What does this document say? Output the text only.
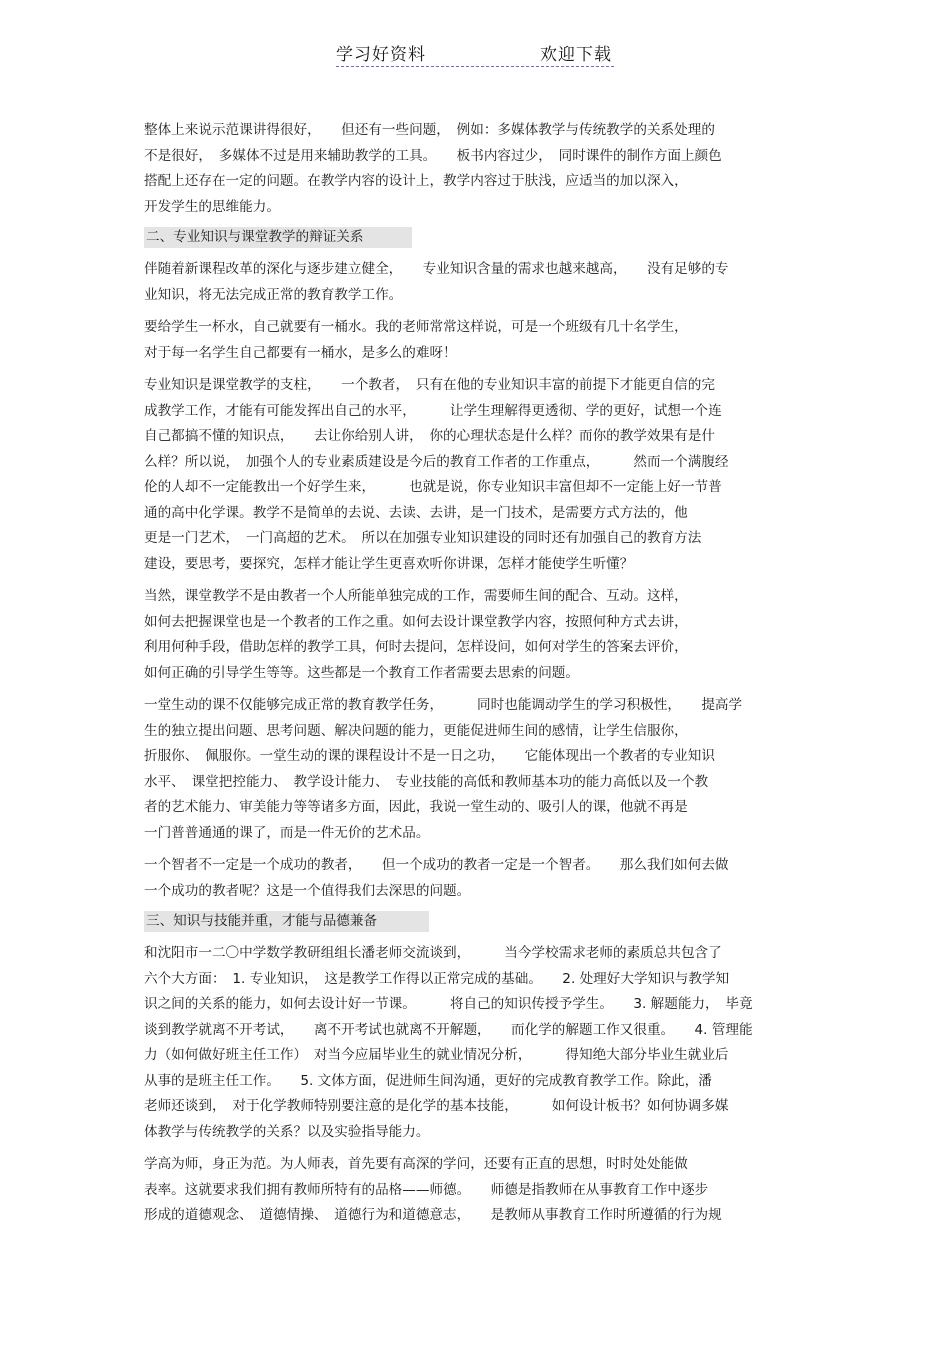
学习好资料	欢迎下载
整体上来说示范课讲得很好，　　但还有一些问题，　例如：多媒体教学与传统教学的关系处理的
不是很好，　多媒体不过是用来辅助教学的工具。　　板书内容过少，　同时课件的制作方面上颜色
搭配上还存在一定的问题。在教学内容的设计上，教学内容过于肤浅，应适当的加以深入，
开发学生的思维能力。
二、专业知识与课堂教学的辩证关系
伴随着新课程改革的深化与逐步建立健全，　　专业知识含量的需求也越来越高，　　没有足够的专
业知识，将无法完成正常的教育教学工作。
要给学生一杯水，自己就要有一桶水。我的老师常常这样说，可是一个班级有几十名学生，
对于每一名学生自己都要有一桶水，是多么的难呀！
专业知识是课堂教学的支柱，　　一个教者，　只有在他的专业知识丰富的前提下才能更自信的完
成教学工作，才能有可能发挥出自己的水平，　　　让学生理解得更透彻、学的更好，试想一个连
自己都搞不懂的知识点，　　去让你给别人讲，　你的心理状态是什么样？而你的教学效果有是什
么样？所以说，　加强个人的专业素质建设是今后的教育工作者的工作重点，　　　然而一个满腹经
伦的人却不一定能教出一个好学生来，　　　也就是说，你专业知识丰富但却不一定能上好一节普
通的高中化学课。教学不是简单的去说、去读、去讲，是一门技术，是需要方式方法的，他
更是一门艺术，　一门高超的艺术。　所以在加强专业知识建设的同时还有加强自己的教育方法
建设，要思考，要探究，怎样才能让学生更喜欢听你讲课，怎样才能使学生听懂？
当然，课堂教学不是由教者一个人所能单独完成的工作，需要师生间的配合、互动。这样，
如何去把握课堂也是一个教者的工作之重。如何去设计课堂教学内容，按照何种方式去讲，
利用何种手段，借助怎样的教学工具，何时去提问，怎样设问，如何对学生的答案去评价，
如何正确的引导学生等等。这些都是一个教育工作者需要去思索的问题。
一堂生动的课不仅能够完成正常的教育教学任务，　　　同时也能调动学生的学习积极性，　　提高学
生的独立提出问题、思考问题、解决问题的能力，更能促进师生间的感情，让学生信服你，
折服你、　佩服你。一堂生动的课的课程设计不是一日之功，　　它能体现出一个教者的专业知识
水平、　课堂把控能力、　教学设计能力、　专业技能的高低和教师基本功的能力高低以及一个教
者的艺术能力、审美能力等等诸多方面，因此，我说一堂生动的、吸引人的课，他就不再是
一门普普通通的课了，而是一件无价的艺术品。
一个智者不一定是一个成功的教者，　　但一个成功的教者一定是一个智者。　　那么我们如何去做
一个成功的教者呢？这是一个值得我们去深思的问题。
三、知识与技能并重，才能与品德兼备
和沈阳市一二〇中学数学教研组组长潘老师交流谈到，　　　当今学校需求老师的素质总共包含了
六个大方面：　1. 专业知识，　这是教学工作得以正常完成的基础。　　2. 处理好大学知识与教学知
识之间的关系的能力，如何去设计好一节课。　　　将自己的知识传授予学生。　　3. 解题能力，　毕竟
谈到教学就离不开考试，　　离不开考试也就离不开解题，　　而化学的解题工作又很重。　　4. 管理能
力（如何做好班主任工作）　对当今应届毕业生的就业情况分析，　　　得知绝大部分毕业生就业后
从事的是班主任工作。　　5. 文体方面，促进师生间沟通，更好的完成教育教学工作。除此，潘
老师还谈到，　对于化学教师特别要注意的是化学的基本技能，　　　如何设计板书？如何协调多媒
体教学与传统教学的关系？以及实验指导能力。
学高为师，身正为范。为人师表，首先要有高深的学问，还要有正直的思想，时时处处能做
表率。这就要求我们拥有教师所特有的品格——师德。　　师德是指教师在从事教育工作中逐步
形成的道德观念、　道德情操、　道德行为和道德意志，　　是教师从事教育工作时所遵循的行为规
